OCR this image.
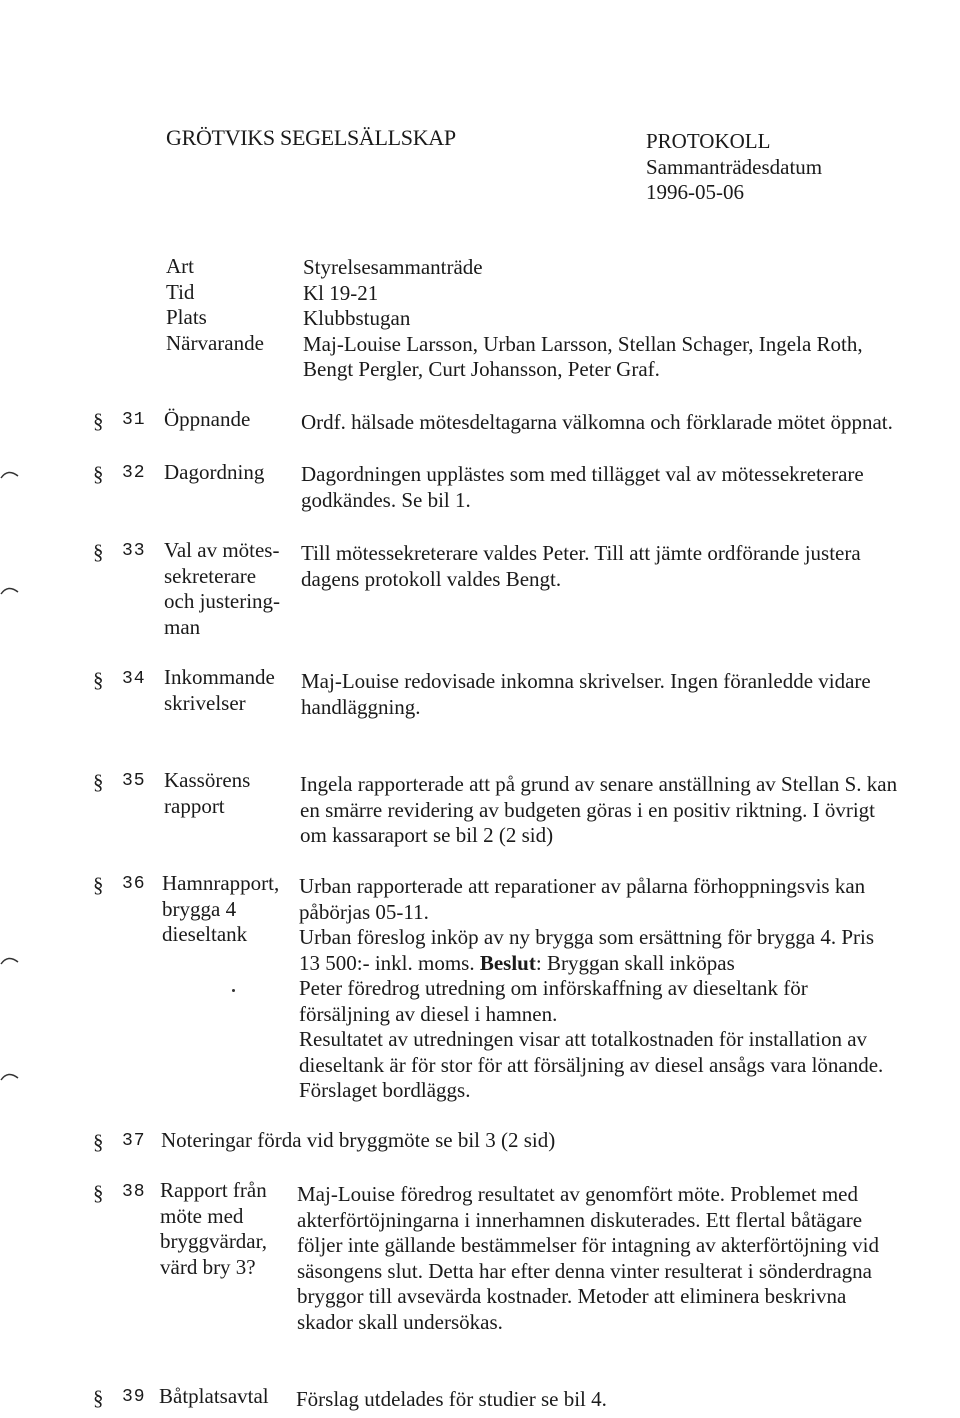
GRÖTVIKS SEGELSÄLLSKAP	PROTOKOLL
Sammanträdesdatum
1996-05-06
Art	Styrelsesammanträde
Tid	Kl 19-21
Plats	Klubbstugan
Närvarande Maj-Louise Larsson, Urban Larsson, Stellan Schager, Ingela Roth,
Bengt Pergler, Curt Johansson, Peter Graf.
§ 31 Öppnande Ordf. hälsade mötesdeltagarna välkomna och förklarade mötet öppnat.
§ 32 Dagordning Dagordningen upplästes som med tillägget val av mötessekreterare
godkändes. Se bil 1.
§ 33 Val av mötes-
sekreterare
och justering-
man
Till mötessekreterare valdes Peter. Till att jämte ordförande justera
dagens protokoll valdes Bengt.
§ 34 Inkommande
skrivelser
Maj-Louise redovisade inkomna skrivelser. Ingen föranledde vidare
handläggning.
§ 35 Kassörens
rapport
Ingela rapporterade att på grund av senare anställning av Stellan S. kan
en smärre revidering av budgeten göras i en positiv riktning. I övrigt
om kassaraport se bil 2 (2 sid)
§ 36 Hamnrapport,
brygga 4
dieseltank
Urban rapporterade att reparationer av pålarna förhoppningsvis kan
påbörjas 05-11.
Urban föreslog inköp av ny brygga som ersättning för brygga 4. Pris
13 500:- inkl. moms. Beslut: Bryggan skall inköpas
Peter föredrog utredning om införskaffning av dieseltank för
försäljning av diesel i hamnen.
Resultatet av utredningen visar att totalkostnaden för installation av
dieseltank är för stor för att försäljning av diesel ansågs vara lönande.
Förslaget bordläggs.
§ 37 Noteringar förda vid bryggmöte se bil 3 (2 sid)
§ 38 Rapport från
möte med
bryggvärdar,
värd bry 3?
Maj-Louise föredrog resultatet av genomfört möte. Problemet med
akterförtöjningarna i innerhamnen diskuterades. Ett flertal båtägare
följer inte gällande bestämmelser för intagning av akterförtöjning vid
säsongens slut. Detta har efter denna vinter resulterat i sönderdragna
bryggor till avsevärda kostnader. Metoder att eliminera beskrivna
skador skall undersökas.
§ 39 Båtplatsavtal Förslag utdelades för studier se bil 4.
